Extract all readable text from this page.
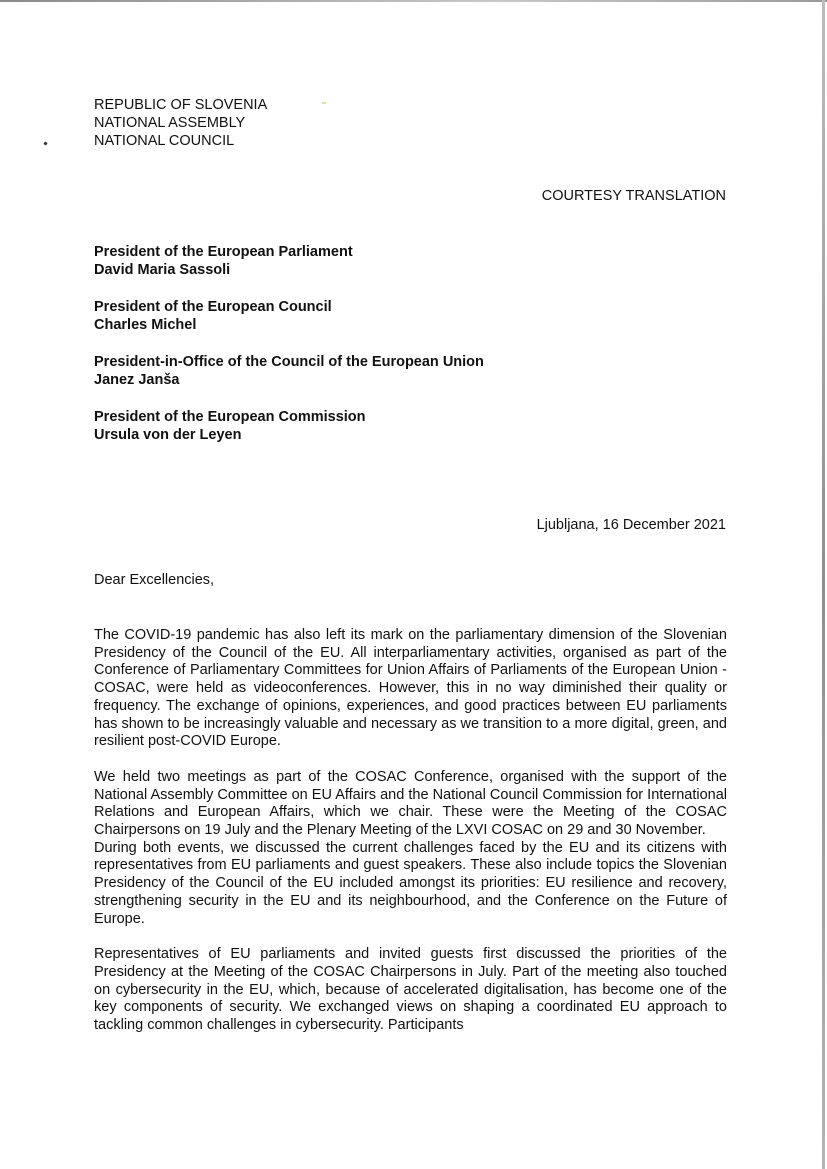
REPUBLIC OF SLOVENIA
NATIONAL ASSEMBLY
NATIONAL COUNCIL
COURTESY TRANSLATION
President of the European Parliament
David Maria Sassoli
President of the European Council
Charles Michel
President-in-Office of the Council of the European Union
Janez Janša
President of the European Commission
Ursula von der Leyen
Ljubljana, 16 December 2021
Dear Excellencies,

The COVID-19 pandemic has also left its mark on the parliamentary dimension of the Slovenian Presidency of the Council of the EU. All interparliamentary activities, organised as part of the Conference of Parliamentary Committees for Union Affairs of Parliaments of the European Union - COSAC, were held as videoconferences. However, this in no way diminished their quality or frequency. The exchange of opinions, experiences, and good practices between EU parliaments has shown to be increasingly valuable and necessary as we transition to a more digital, green, and resilient post-COVID Europe.

We held two meetings as part of the COSAC Conference, organised with the support of the National Assembly Committee on EU Affairs and the National Council Commission for International Relations and European Affairs, which we chair. These were the Meeting of the COSAC Chairpersons on 19 July and the Plenary Meeting of the LXVI COSAC on 29 and 30 November.

During both events, we discussed the current challenges faced by the EU and its citizens with representatives from EU parliaments and guest speakers. These also include topics the Slovenian Presidency of the Council of the EU included amongst its priorities: EU resilience and recovery, strengthening security in the EU and its neighbourhood, and the Conference on the Future of Europe.

Representatives of EU parliaments and invited guests first discussed the priorities of the Presidency at the Meeting of the COSAC Chairpersons in July. Part of the meeting also touched on cybersecurity in the EU, which, because of accelerated digitalisation, has become one of the key components of security. We exchanged views on shaping a coordinated EU approach to tackling common challenges in cybersecurity. Participants
